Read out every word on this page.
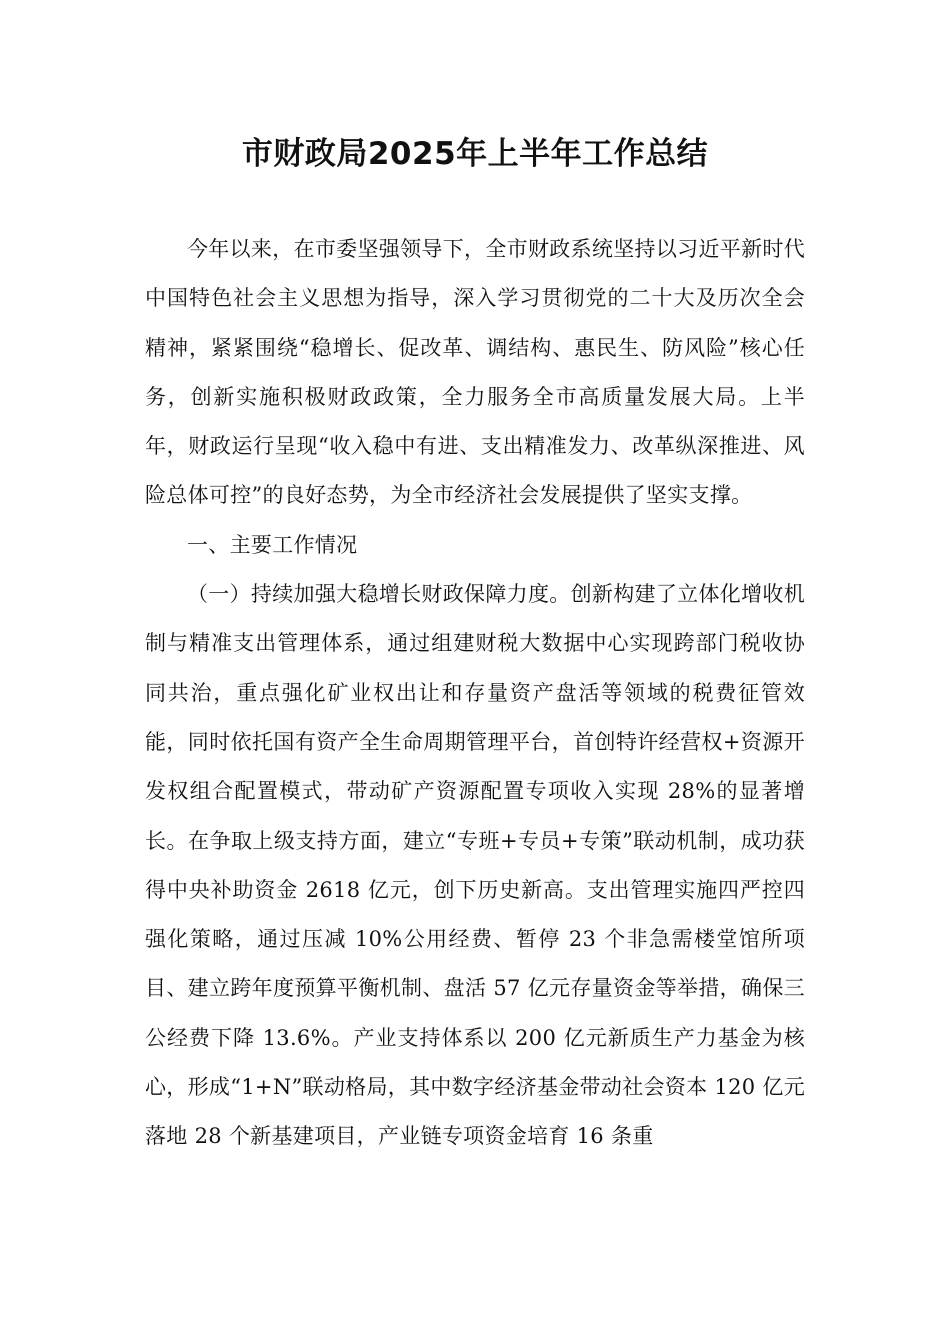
市财政局2025年上半年工作总结

今年以来，在市委坚强领导下，全市财政系统坚持以习近平新时代中国特色社会主义思想为指导，深入学习贯彻党的二十大及历次全会精神，紧紧围绕“稳增长、促改革、调结构、惠民生、防风险”核心任务，创新实施积极财政政策，全力服务全市高质量发展大局。上半年，财政运行呈现“收入稳中有进、支出精准发力、改革纵深推进、风险总体可控”的良好态势，为全市经济社会发展提供了坚实支撑。

一、主要工作情况

（一）持续加强大稳增长财政保障力度。创新构建了立体化增收机制与精准支出管理体系，通过组建财税大数据中心实现跨部门税收协同共治，重点强化矿业权出让和存量资产盘活等领域的税费征管效能，同时依托国有资产全生命周期管理平台，首创特许经营权+资源开发权组合配置模式，带动矿产资源配置专项收入实现 28%的显著增长。在争取上级支持方面，建立“专班+专员+专策”联动机制，成功获得中央补助资金 2618 亿元，创下历史新高。支出管理实施四严控四强化策略，通过压减 10%公用经费、暂停 23 个非急需楼堂馆所项目、建立跨年度预算平衡机制、盘活 57 亿元存量资金等举措，确保三公经费下降 13.6%。产业支持体系以 200 亿元新质生产力基金为核心，形成“1+N”联动格局，其中数字经济基金带动社会资本 120 亿元落地 28 个新基建项目，产业链专项资金培育 16 条重
